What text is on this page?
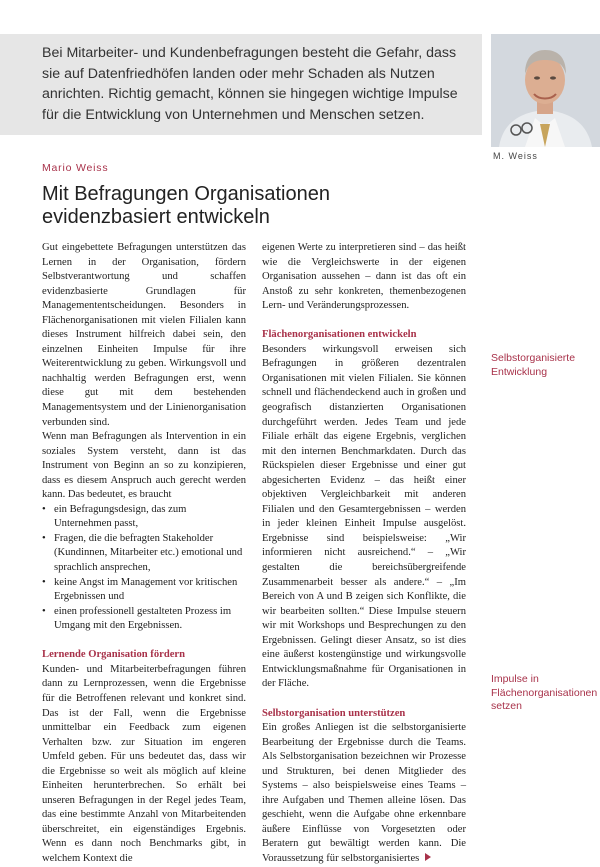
Bei Mitarbeiter- und Kundenbefragungen besteht die Gefahr, dass sie auf Datenfriedhöfen landen oder mehr Schaden als Nutzen anrichten. Richtig gemacht, können sie hingegen wichtige Impulse für die Entwicklung von Unternehmen und Menschen setzen.

M. Weiss
Mario Weiss
Mit Befragungen Organisationen
evidenzbasiert entwickeln

Gut eingebettete Befragungen unterstützen das Lernen in der Organisation, fördern Selbstverantwortung und schaffen evidenzbasierte Grundlagen für Managemententscheidungen. Besonders in Flächenorganisationen mit vielen Filialen kann dieses Instrument hilfreich dabei sein, den einzelnen Einheiten Impulse für ihre Weiterentwicklung zu geben. Wirkungsvoll und nachhaltig werden Befragungen erst, wenn diese gut mit dem bestehenden Managementsystem und der Linienorganisation verbunden sind.

Wenn man Befragungen als Intervention in ein soziales System versteht, dann ist das Instrument von Beginn an so zu konzipieren, dass es diesem Anspruch auch gerecht werden kann. Das bedeutet, es braucht

• ein Befragungsdesign, das zum Unternehmen passt,
• Fragen, die die befragten Stakeholder (Kundinnen, Mitarbeiter etc.) emotional und sprachlich ansprechen,
• keine Angst im Management vor kritischen Ergebnissen und
• einen professionell gestalteten Prozess im Umgang mit den Ergebnissen.
Lernende Organisation fördern

Kunden- und Mitarbeiterbefragungen führen dann zu Lernprozessen, wenn die Ergebnisse für die Betroffenen relevant und konkret sind. Das ist der Fall, wenn die Ergebnisse unmittelbar ein Feedback zum eigenen Verhalten bzw. zur Situation im engeren Umfeld geben. Für uns bedeutet das, dass wir die Ergebnisse so weit als möglich auf kleine Einheiten herunterbrechen. So erhält bei unseren Befragungen in der Regel jedes Team, das eine bestimmte Anzahl von Mitarbeitenden überschreitet, ein eigenständiges Ergebnis. Wenn es dann noch Benchmarks gibt, in welchem Kontext die

eigenen Werte zu interpretieren sind – das heißt wie die Vergleichswerte in der eigenen Organisation aussehen – dann ist das oft ein Anstoß zu sehr konkreten, themenbezogenen Lern- und Veränderungsprozessen.

Flächenorganisationen entwickeln

Besonders wirkungsvoll erweisen sich Befragungen in größeren dezentralen Organisationen mit vielen Filialen. Sie können schnell und flächendeckend auch in großen und geografisch distanzierten Organisationen durchgeführt werden. Jedes Team und jede Filiale erhält das eigene Ergebnis, verglichen mit den internen Benchmarkdaten. Durch das Rückspielen dieser Ergebnisse und einer gut abgesicherten Evidenz – das heißt einer objektiven Vergleichbarkeit mit anderen Filialen und den Gesamtergebnissen – werden in jeder kleinen Einheit Impulse ausgelöst. Ergebnisse sind beispielsweise: „Wir informieren nicht ausreichend.“ – „Wir gestalten die bereichsübergreifende Zusammenarbeit besser als andere.“ – „Im Bereich von A und B zeigen sich Konflikte, die wir bearbeiten sollten.“ Diese Impulse steuern wir mit Workshops und Besprechungen zu den Ergebnissen. Gelingt dieser Ansatz, so ist dies eine äußerst kostengünstige und wirkungsvolle Entwicklungsmaßnahme für Organisationen in der Fläche.

Selbstorganisation unterstützen

Ein großes Anliegen ist die selbstorganisierte Bearbeitung der Ergebnisse durch die Teams. Als Selbstorganisation bezeichnen wir Prozesse und Strukturen, bei denen Mitglieder des Systems – also beispielsweise eines Teams – ihre Aufgaben und Themen alleine lösen. Das geschieht, wenn die Aufgabe ohne erkennbare äußere Einflüsse von Vorgesetzten oder Beratern gut bewältigt werden kann. Die Voraussetzung für selbstorganisiertes

Selbstorganisierte Entwicklung
Impulse in Flächenorganisationen setzen
